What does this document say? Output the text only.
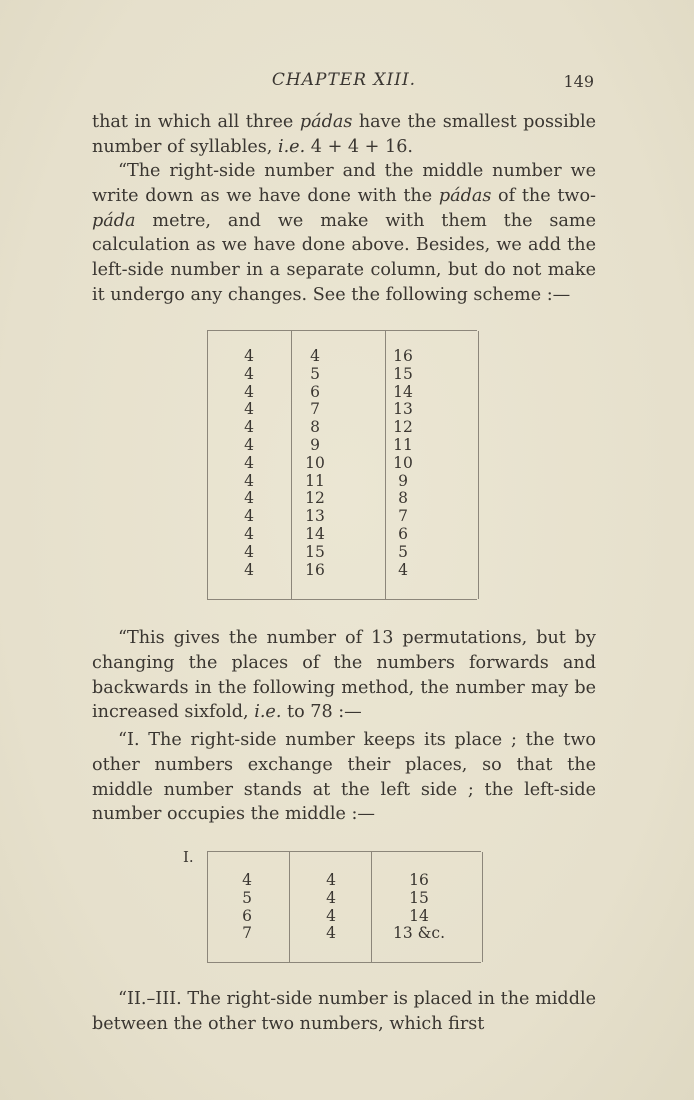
CHAPTER XIII.	149
that in which all three pádas have the smallest possible number of syllables, i.e. 4 + 4 + 16.
“The right-side number and the middle number we write down as we have done with the pádas of the two-páda metre, and we make with them the same calculation as we have done above. Besides, we add the left-side number in a separate column, but do not make it undergo any changes. See the following scheme :—
4
4
4
4
4
4
4
4
4
4
4
4
4
4
5
6
7
8
9
10
11
12
13
14
15
16
16
15
14
13
12
11
10
9
8
7
6
5
4
“This gives the number of 13 permutations, but by changing the places of the numbers forwards and backwards in the following method, the number may be increased sixfold, i.e. to 78 :—
“I. The right-side number keeps its place ; the two other numbers exchange their places, so that the middle number stands at the left side ; the left-side number occupies the middle :—
I.
4
5
6
7
4
4
4
4
16
15
14
13 &c.
“II.–III. The right-side number is placed in the middle between the other two numbers, which first
